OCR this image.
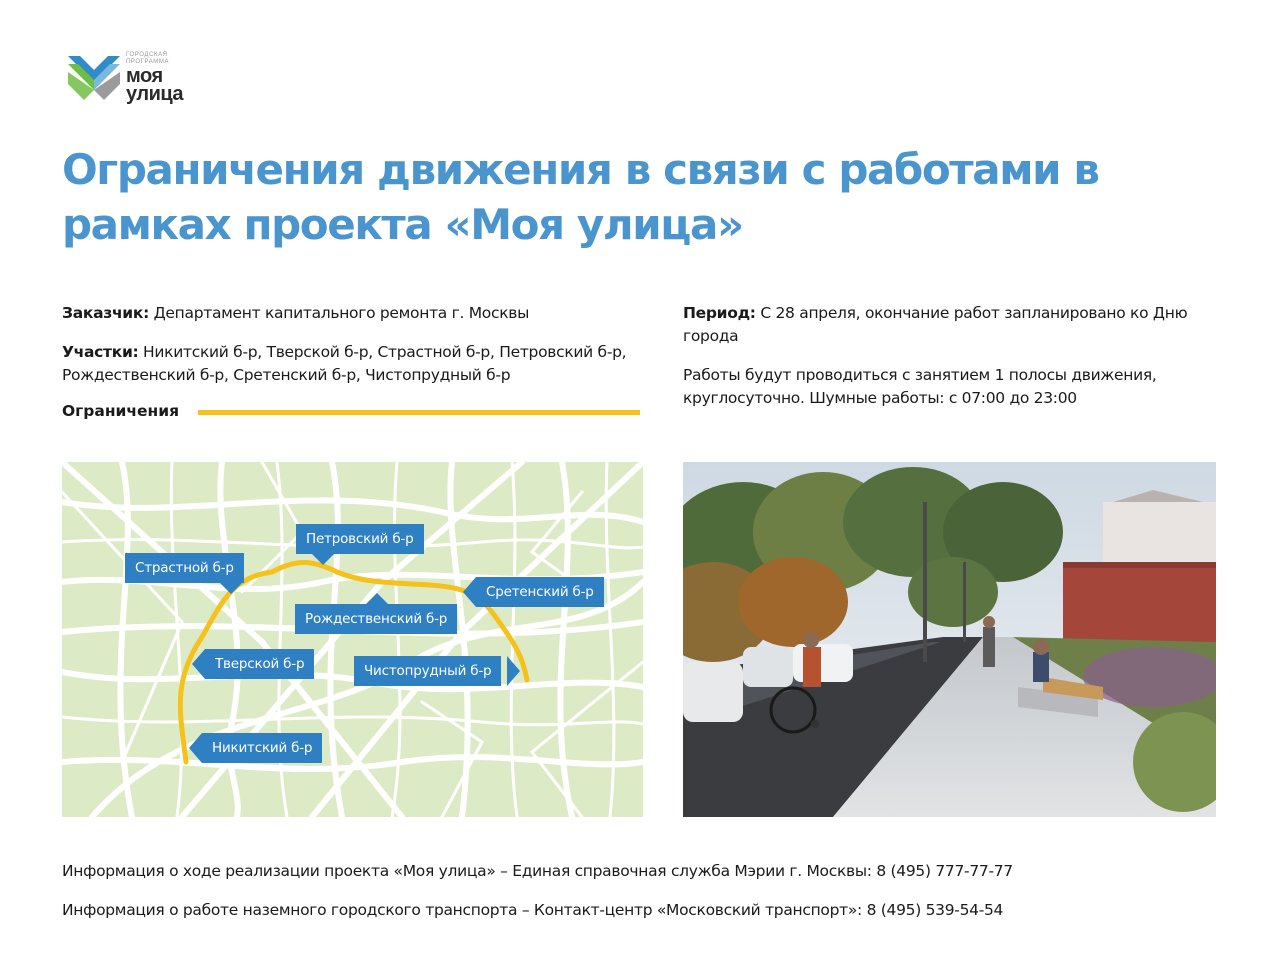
ГОРОДСКАЯ
ПРОГРАММА
моя
улица
Ограничения движения в связи с работами в рамках проекта «Моя улица»
Заказчик: Департамент капитального ремонта г. Москвы
Участки: Никитский б-р, Тверской б-р, Страстной б-р, Петровский б-р, Рождественский б-р, Сретенский б-р, Чистопрудный б-р
Ограничения
Период: С 28 апреля, окончание работ запланировано ко Дню города
Работы будут проводиться с занятием 1 полосы движения, круглосуточно. Шумные работы: с 07:00 до 23:00
Петровский б-р
Страстной б-р
Сретенский б-р
Рождественский б-р
Тверской б-р	Чистопрудный б-р
Никитский б-р
Информация о ходе реализации проекта «Моя улица» – Единая справочная служба Мэрии г. Москвы: 8 (495) 777-77-77
Информация о работе наземного городского транспорта – Контакт-центр «Московский транспорт»: 8 (495) 539-54-54
